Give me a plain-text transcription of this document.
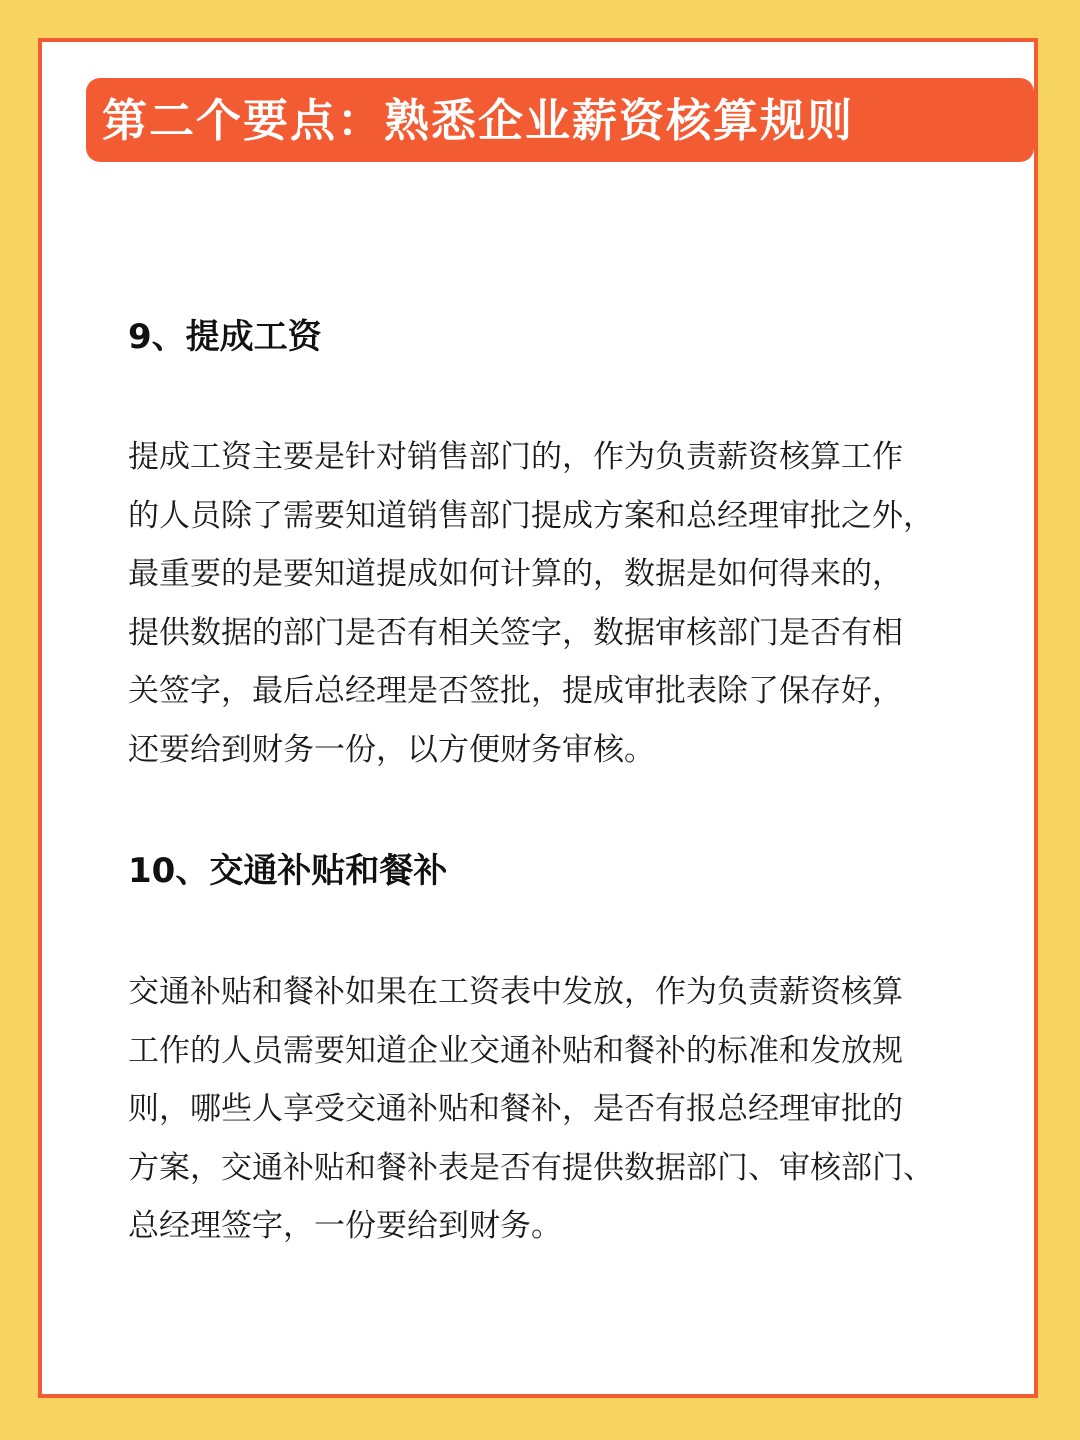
第二个要点：熟悉企业薪资核算规则
9、提成工资
提成工资主要是针对销售部门的，作为负责薪资核算工作
的人员除了需要知道销售部门提成方案和总经理审批之外，
最重要的是要知道提成如何计算的，数据是如何得来的，
提供数据的部门是否有相关签字，数据审核部门是否有相
关签字，最后总经理是否签批，提成审批表除了保存好，
还要给到财务一份，以方便财务审核。
10、交通补贴和餐补
交通补贴和餐补如果在工资表中发放，作为负责薪资核算
工作的人员需要知道企业交通补贴和餐补的标准和发放规
则，哪些人享受交通补贴和餐补，是否有报总经理审批的
方案，交通补贴和餐补表是否有提供数据部门、审核部门、
总经理签字，一份要给到财务。
